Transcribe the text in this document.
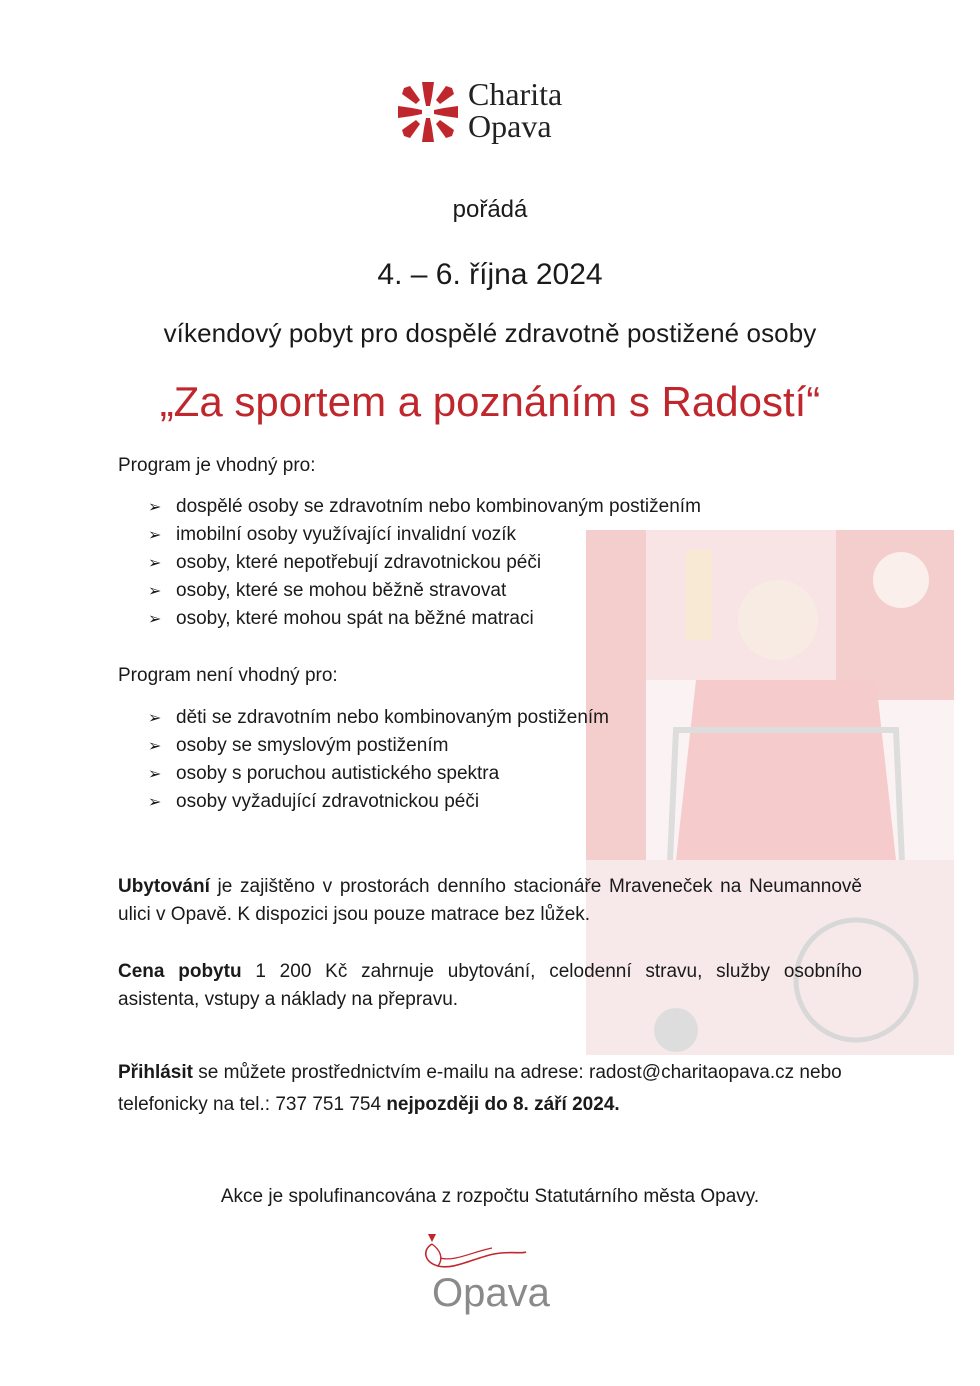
Charita
Opava
pořádá
4. – 6. října 2024
víkendový pobyt pro dospělé zdravotně postižené osoby
„Za sportem a poznáním s Radostí“
Program je vhodný pro:
➢ dospělé osoby se zdravotním nebo kombinovaným postižením
➢ imobilní osoby využívající invalidní vozík
➢ osoby, které nepotřebují zdravotnickou péči
➢ osoby, které se mohou běžně stravovat
➢ osoby, které mohou spát na běžné matraci
Program není vhodný pro:
➢ děti se zdravotním nebo kombinovaným postižením
➢ osoby se smyslovým postižením
➢ osoby s poruchou autistického spektra
➢ osoby vyžadující zdravotnickou péči
Ubytování je zajištěno v prostorách denního stacionáře Mraveneček na Neumannově ulici v Opavě. K dispozici jsou pouze matrace bez lůžek.
Cena pobytu 1 200 Kč zahrnuje ubytování, celodenní stravu, služby osobního asistenta, vstupy a náklady na přepravu.
Přihlásit se můžete prostřednictvím e-mailu na adrese: radost@charitaopava.cz nebo telefonicky na tel.: 737 751 754 nejpozději do 8. září 2024.
Akce je spolufinancována z rozpočtu Statutárního města Opavy.
Opava
